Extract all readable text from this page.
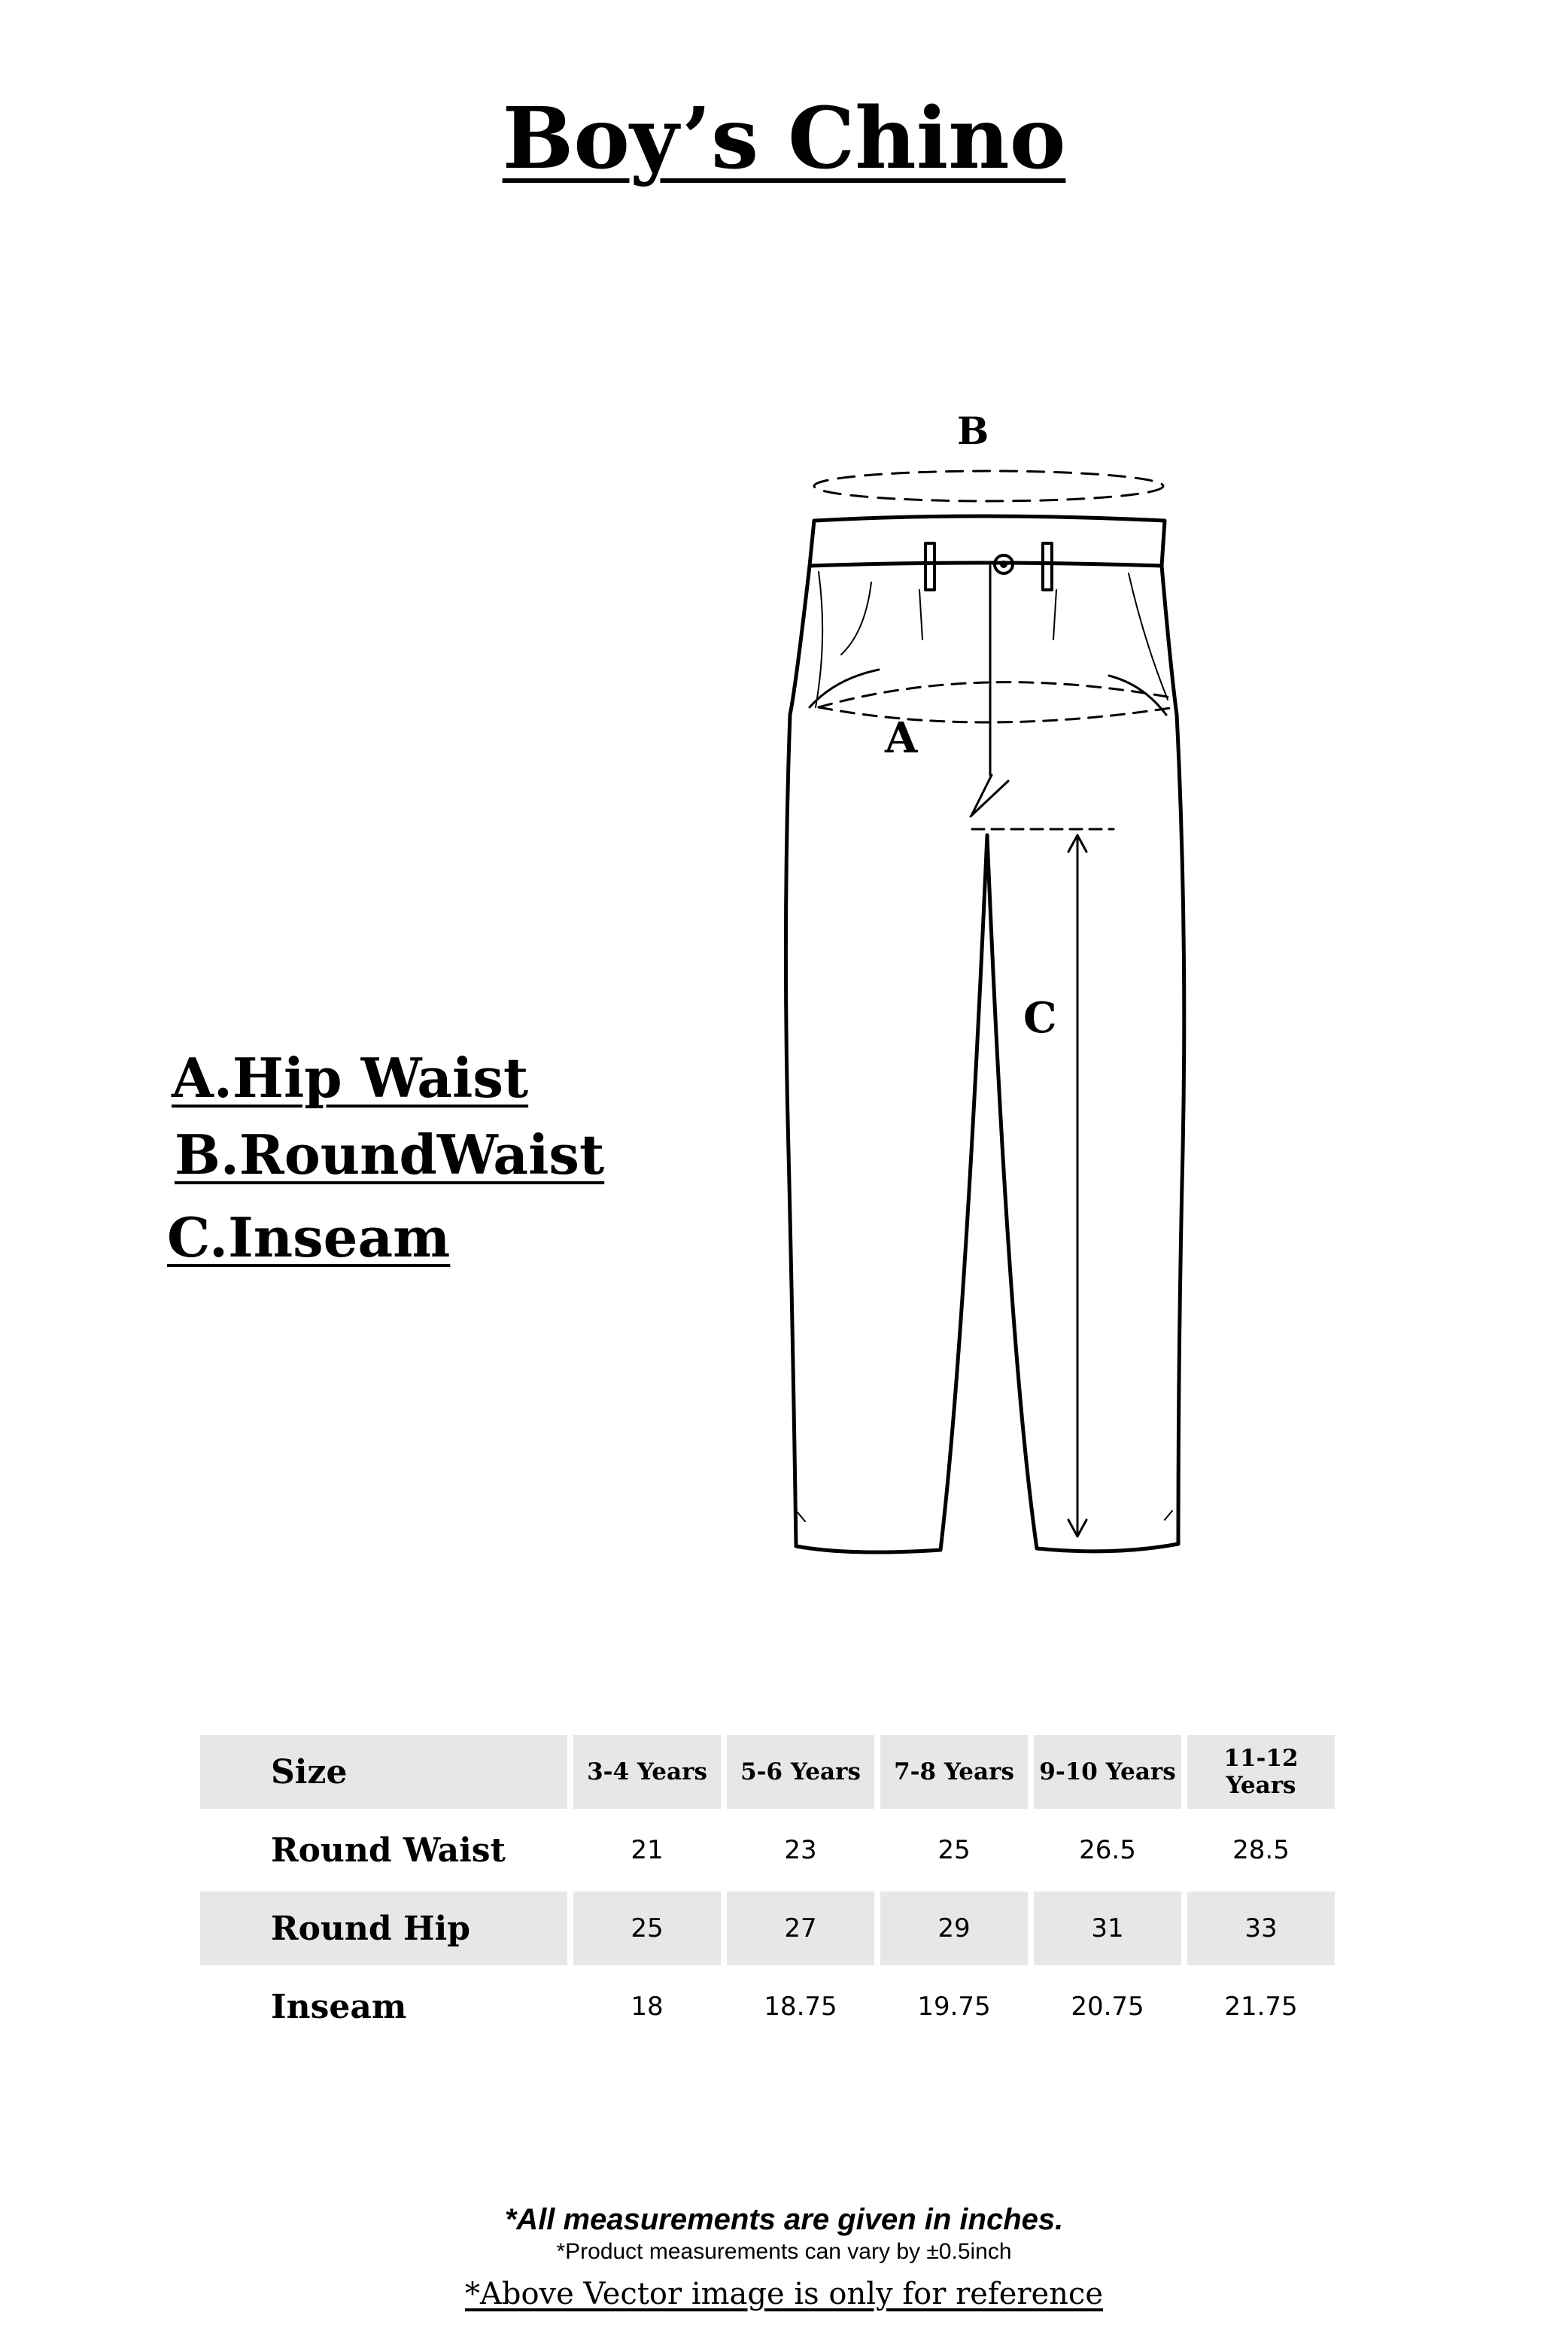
Boy’s Chino
A.Hip Waist
B.RoundWaist
C.Inseam
B
A
C
Size	3-4 Years	5-6 Years	7-8 Years	9-10 Years	11-12 Years
Round Waist	21	23	25	26.5	28.5
Round Hip	25	27	29	31	33
Inseam	18	18.75	19.75	20.75	21.75
*All measurements are given in inches.
*Product measurements can vary by ±0.5inch
*Above Vector image is only for reference
